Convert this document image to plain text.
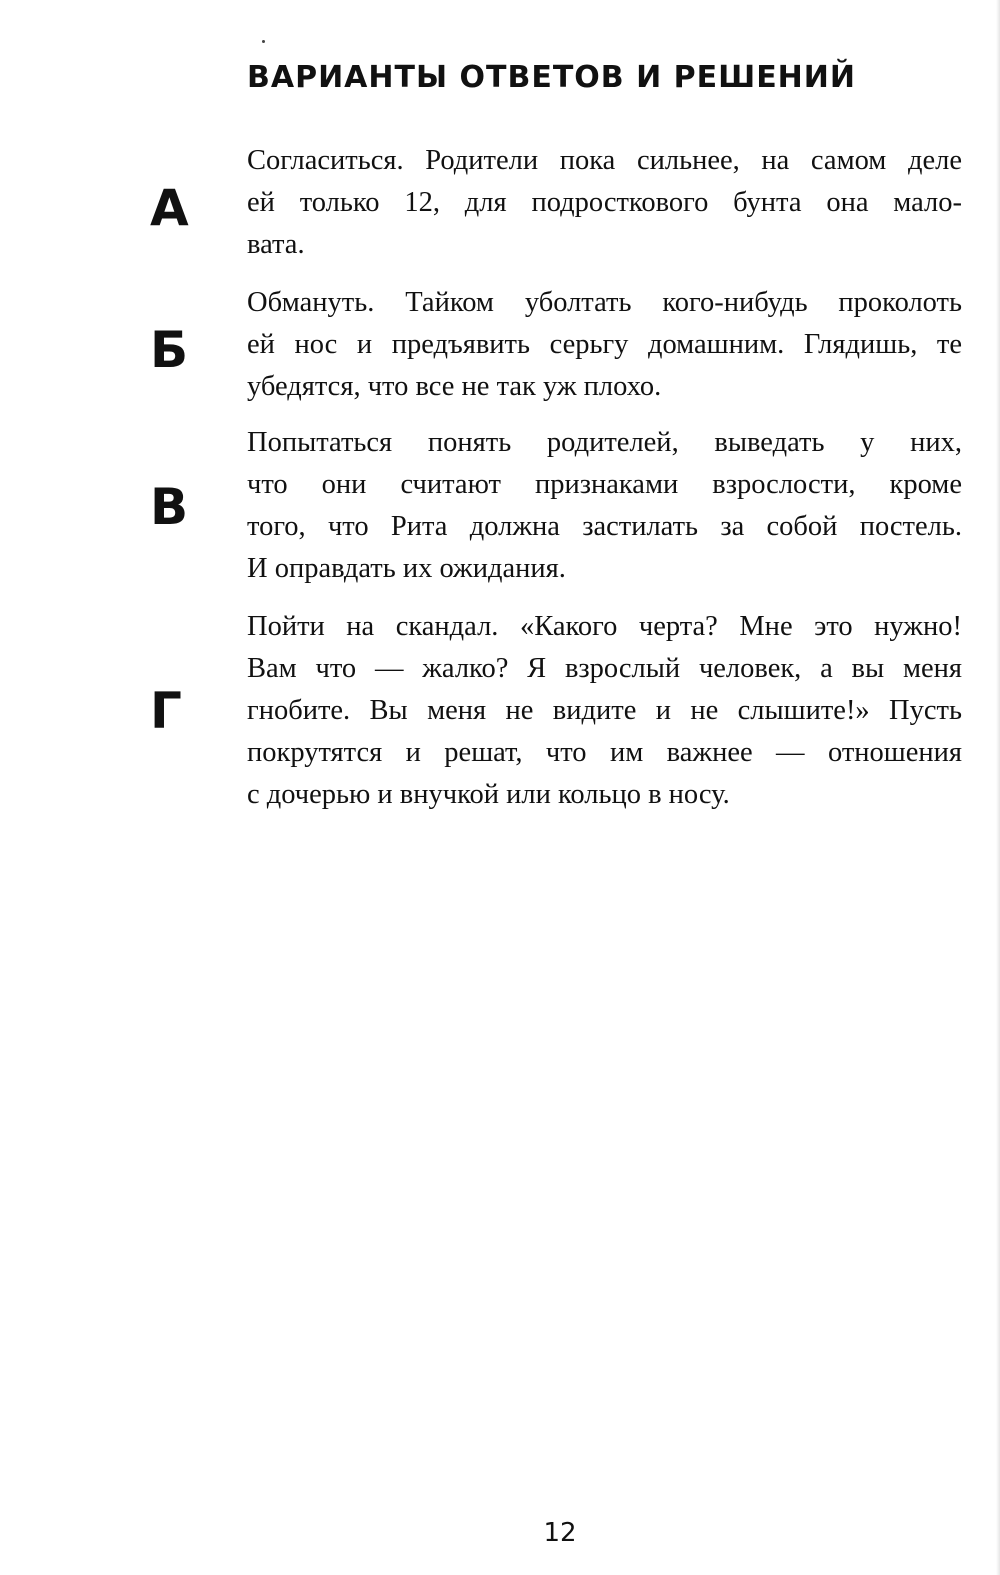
ВАРИАНТЫ ОТВЕТОВ И РЕШЕНИЙ
А
Согласиться. Родители пока сильнее, на самом деле
ей только 12, для подросткового бунта она мало-
вата.
Б
Обмануть. Тайком уболтать кого-нибудь проколоть
ей нос и предъявить серьгу домашним. Глядишь, те
убедятся, что все не так уж плохо.
В
Попытаться понять родителей, выведать у них,
что они считают признаками взрослости, кроме
того, что Рита должна застилать за собой постель.
И оправдать их ожидания.
Г
Пойти на скандал. «Какого черта? Мне это нужно!
Вам что — жалко? Я взрослый человек, а вы меня
гнобите. Вы меня не видите и не слышите!» Пусть
покрутятся и решат, что им важнее — отношения
с дочерью и внучкой или кольцо в носу.
12
